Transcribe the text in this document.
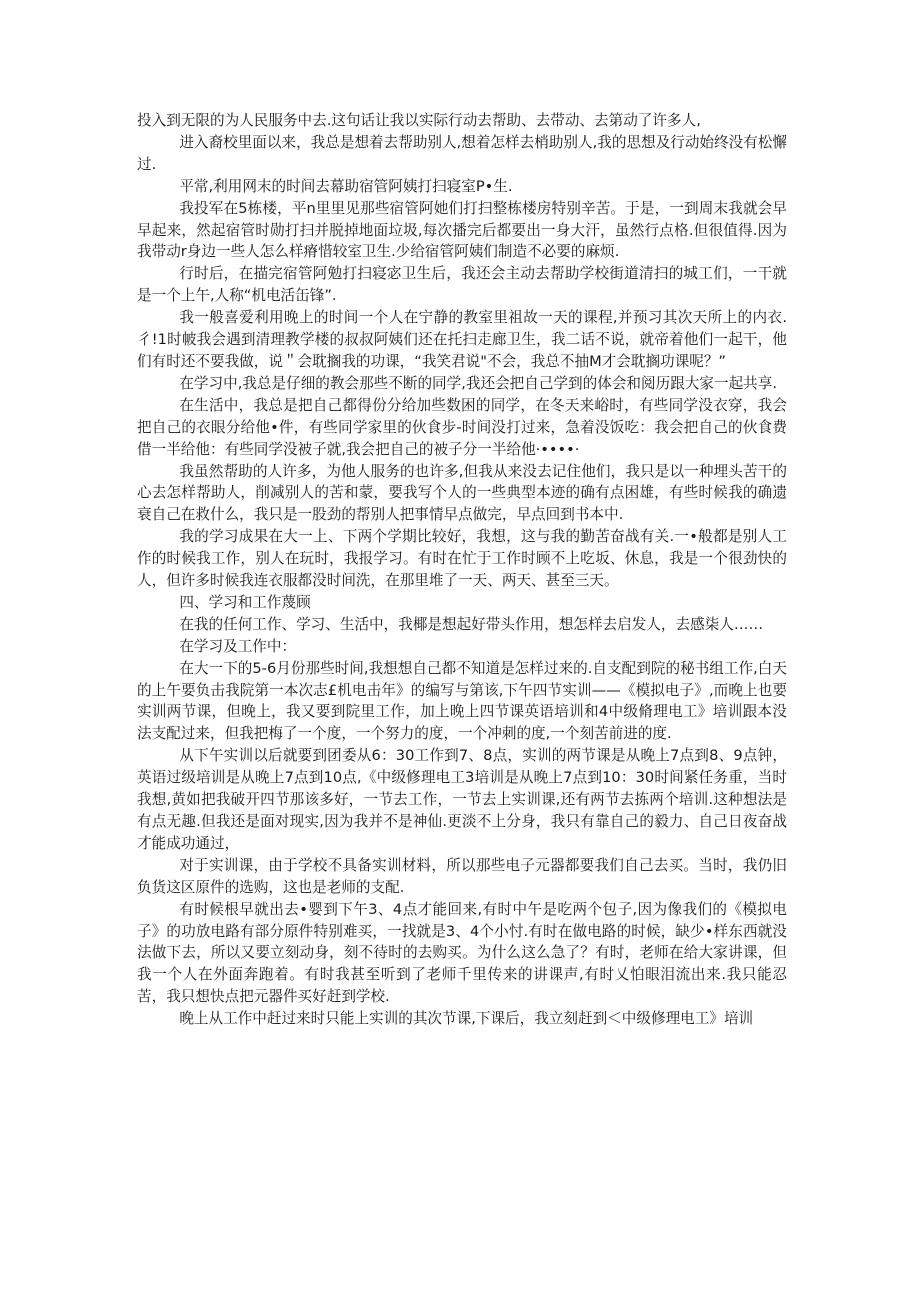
投入到无限的为人民服务中去.这句话让我以实际行动去帮助、去带动、去第动了许多人,

进入裔校里面以来，我总是想着去帮助别人,想着怎样去梢助别人,我的思想及行动始终没有松懈过.

平常,利用网末的时间去幕助宿管阿姨打扫寝室P•生.

我投军在5栋楼，平n里里见那些宿管阿她们打扫整栋楼房特别辛苦。于是，一到周末我就会早早起来，然起宿管时勋打扫并脱掉地面垃圾,每次播完后都要出一身大汗，虽然行点格.但很值得.因为我带动r身边一些人怎么样瘠惜较室卫生.少给宿管阿姨们制造不必要的麻烦.

行时后，在描完宿管阿勉打扫寝宓卫生后，我还会主动去帮助学校街道清扫的城工们，一干就是一个上午,人称“机电活缶锋”.

我一般喜爱利用晚上的时间一个人在宁静的教室里祖故一天的课程,并预习其次天所上的内衣.彳!1时帔我会遇到清理教学楼的叔叔阿姨们还在托扫走廊卫生，我二话不说，就帝着他们一起干，他们有时还不要我做，说＂会耽搁我的功课，“我笑君说"不会，我总不抽M才会耽搁功课呢？”

在学习中,我总是仔细的教会那些不断的同学,我还会把自己学到的体会和阅历跟大家一起共享.

在生活中，我总是把自己都得份分给加些数困的同学，在冬天来峪时，有些同学没衣穿，我会把自己的衣眼分给他•件，有些同学家里的伙食步-时间没打过来，急着没饭吃：我会把自己的伙食费借一半给他：有些同学没被子就,我会把自己的被子分一半给他·••••·

我虽然帮助的人许多，为他人服务的也许多,但我从来没去记住他们，我只是以一种埋头苦干的心去怎样帮助人，削减别人的苦和蒙，要我写个人的一些典型本迹的确有点困雄，有些时候我的确遗衰自己在救什么，我只是一股劲的帮别人把事情早点做完，早点回到书本中.

我的学习成果在大一上、下两个学期比较好，我想，这与我的勤苦奋战有关.一•般都是别人工作的时候我工作，别人在玩时，我报学习。有时在忙于工作时顾不上吃坂、休息，我是一个很劲快的人，但许多时候我连衣服都没时间洗，在那里堆了一天、两天、甚至三天。

四、学习和工作蔑顾

在我的任何工作、学习、生活中，我椰是想起好带头作用，想怎样去启发人，去感柒人……

在学习及工作中：

在大一下的5-6月份那些时间,我想想自己都不知道是怎样过来的.自支配到院的秘书组工作,白天的上午要负击我院第一本次志£机电击年》的编写与第该,下午四节实训——《模拟电子》,而晚上也要实训两节课，但晚上，我又要到院里工作，加上晚上四节课英语培训和4中级脩理电工》培训跟本没法支配过来，但我把梅了一个度，一个努力的度，一个冲刺的度,一个刻苦前进的度.

从下午实训以后就要到团委从6：30工作到7、8点，实训的两节课是从晚上7点到8、9点钟，英语过级培训是从晚上7点到10点,《中级修理电工3培训是从晚上7点到10：30时间紧任务重，当时我想,黄如把我破开四节那该多好，一节去工作，一节去上实训课,还有两节去拣两个培训.这种想法是有点无趣.但我还是面对现实,因为我并不是神仙.更淡不上分身，我只有靠自己的毅力、自己日夜奋战才能成功通过，

对于实训课，由于学校不具备实训材料，所以那些电子元器都要我们自己去买。当时，我仍旧负货这区原件的选购，这也是老师的支配.

有时候根早就出去•婴到下午3、4点才能回来,有时中午是吃两个包子,因为像我们的《模拟电子》的功放电路有部分原件特别难买，一找就是3、4个小忖.有时在做电路的时候，缺少•样东西就没法做下去，所以又要立刻动身，刻不待时的去购买。为什么这么急了？有时，老师在给大家讲课，但我一个人在外面奔跑着。有时我甚至听到了老师千里传来的讲课声,有时乂怕眼泪流出来.我只能忍苦，我只想快点把元器件买好赶到学校.

晚上从工作中赶过来时只能上实训的其次节课,下课后，我立刻赶到＜中级修理电工》培训
